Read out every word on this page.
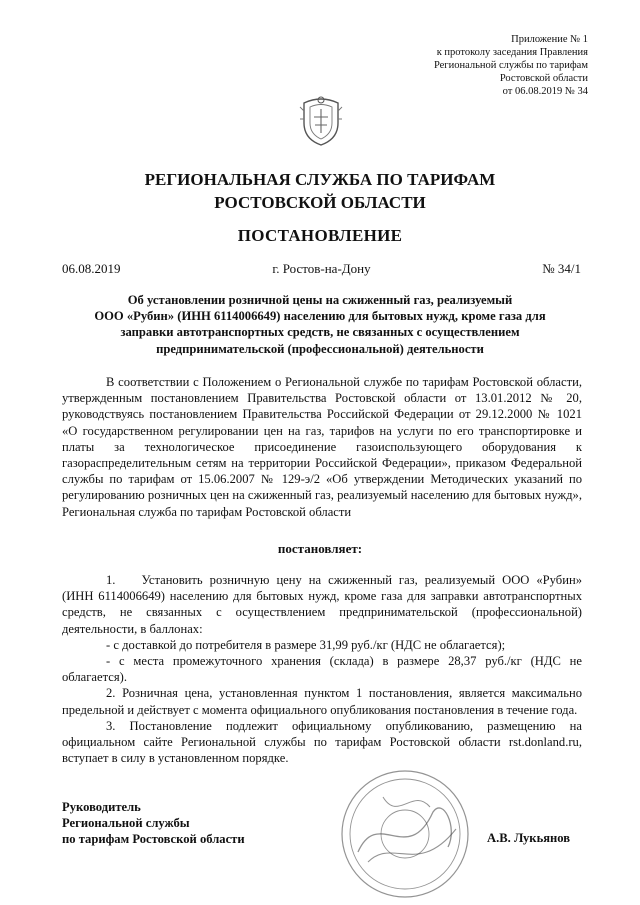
Приложение № 1
к протоколу заседания Правления
Региональной службы по тарифам
Ростовской области
от 06.08.2019 № 34
РЕГИОНАЛЬНАЯ СЛУЖБА ПО ТАРИФАМ
РОСТОВСКОЙ ОБЛАСТИ
ПОСТАНОВЛЕНИЕ
06.08.2019	г. Ростов-на-Дону	№ 34/1
Об установлении розничной цены на сжиженный газ, реализуемый
ООО «Рубин» (ИНН 6114006649) населению для бытовых нужд, кроме газа для
заправки автотранспортных средств, не связанных с осуществлением
предпринимательской (профессиональной) деятельности

В соответствии с Положением о Региональной службе по тарифам Ростовской области, утвержденным постановлением Правительства Ростовской области от 13.01.2012 № 20, руководствуясь постановлением Правительства Российской Федерации от 29.12.2000 № 1021 «О государственном регулировании цен на газ, тарифов на услуги по его транспортировке и платы за технологическое присоединение газоиспользующего оборудования к газораспределительным сетям на территории Российской Федерации», приказом Федеральной службы по тарифам от 15.06.2007 № 129-э/2 «Об утверждении Методических указаний по регулированию розничных цен на сжиженный газ, реализуемый населению для бытовых нужд», Региональная служба по тарифам Ростовской области

постановляет:

1. Установить розничную цену на сжиженный газ, реализуемый ООО «Рубин» (ИНН 6114006649) населению для бытовых нужд, кроме газа для заправки автотранспортных средств, не связанных с осуществлением предпринимательской (профессиональной) деятельности, в баллонах:

- с доставкой до потребителя в размере 31,99 руб./кг (НДС не облагается);

- с места промежуточного хранения (склада) в размере 28,37 руб./кг (НДС не облагается).

2. Розничная цена, установленная пунктом 1 постановления, является максимально предельной и действует с момента официального опубликования постановления в течение года.

3. Постановление подлежит официальному опубликованию, размещению на официальном сайте Региональной службы по тарифам Ростовской области rst.donland.ru, вступает в силу в установленном порядке.

Руководитель
Региональной службы
по тарифам Ростовской области	А.В. Лукьянов
